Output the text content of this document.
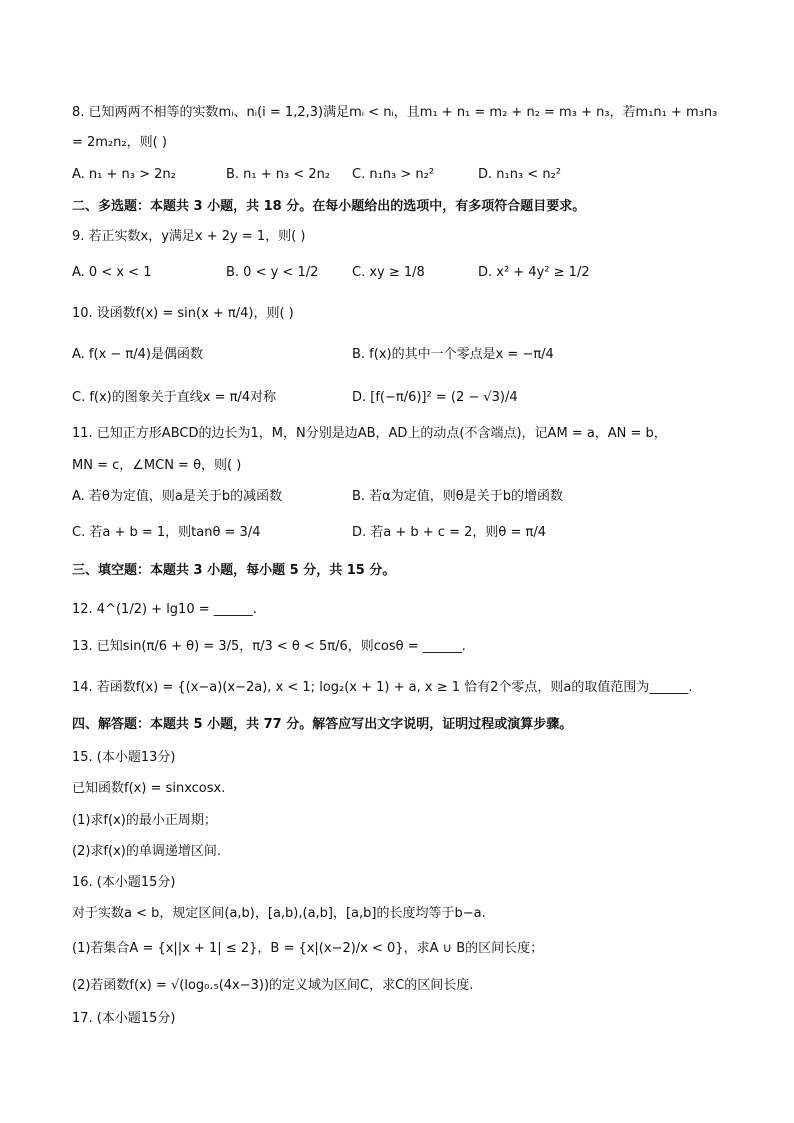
8. 已知两两不相等的实数mᵢ、nᵢ(i = 1,2,3)满足mᵢ < nᵢ，且m₁ + n₁ = m₂ + n₂ = m₃ + n₃，若m₁n₁ + m₃n₃
= 2m₂n₂，则( )
A. n₁ + n₃ > 2n₂	B. n₁ + n₃ < 2n₂ C. n₁n₃ > n₂²	D. n₁n₃ < n₂²
二、多选题：本题共 3 小题，共 18 分。在每小题给出的选项中，有多项符合题目要求。
9. 若正实数x，y满足x + 2y = 1，则( )
A. 0 < x < 1	B. 0 < y < 1/2	C. xy ≥ 1/8	D. x² + 4y² ≥ 1/2
10. 设函数f(x) = sin(x + π/4)，则( )
A. f(x − π/4)是偶函数	B. f(x)的其中一个零点是x = −π/4
C. f(x)的图象关于直线x = π/4对称	D. [f(−π/6)]² = (2 − √3)/4
11. 已知正方形ABCD的边长为1，M，N分别是边AB，AD上的动点(不含端点)，记AM = a，AN = b，
MN = c，∠MCN = θ，则( )
A. 若θ为定值，则a是关于b的减函数	B. 若α为定值，则θ是关于b的增函数
C. 若a + b = 1，则tanθ = 3/4	D. 若a + b + c = 2，则θ = π/4
三、填空题：本题共 3 小题，每小题 5 分，共 15 分。
12. 4^(1/2) + lg10 = ______.
13. 已知sin(π/6 + θ) = 3/5，π/3 < θ < 5π/6，则cosθ = ______.
14. 若函数f(x) = {(x−a)(x−2a), x < 1; log₂(x + 1) + a, x ≥ 1 恰有2个零点，则a的取值范围为______.
四、解答题：本题共 5 小题，共 77 分。解答应写出文字说明，证明过程或演算步骤。
15. (本小题13分)
已知函数f(x) = sinxcosx.
(1)求f(x)的最小正周期；
(2)求f(x)的单调递增区间.
16. (本小题15分)
对于实数a < b，规定区间(a,b)，[a,b),(a,b]，[a,b]的长度均等于b−a.
(1)若集合A = {x||x + 1| ≤ 2}，B = {x|(x−2)/x < 0}，求A ∪ B的区间长度；
(2)若函数f(x) = √(log₀.₅(4x−3))的定义域为区间C，求C的区间长度.
17. (本小题15分)
